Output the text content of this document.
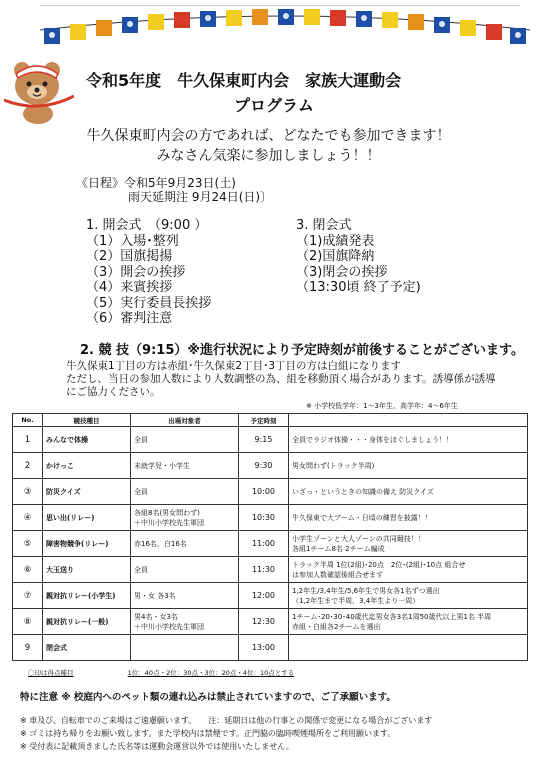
令和5年度　牛久保東町内会　家族大運動会
プログラム
牛久保東町内会の方であれば、どなたでも参加できます！
みなさん気楽に参加しましょう！！
《日程》令和5年9月23日(土)
雨天延期注 9月24日(日)〕
1. 開会式　（9:00 ）
（1）入場･整列
（2）国旗掲揚
（3）開会の挨拶
（4）来賓挨拶
（5）実行委員長挨拶
（6）審判注意
3. 閉会式
（1)成績発表
（2)国旗降納
（3)閉会の挨拶
（13:30頃 終了予定)
2. 競 技（9:15）※進行状況により予定時刻が前後することがございます。
牛久保東1丁目の方は赤組･牛久保東2丁目･3丁目の方は白組になります
ただし、当日の参加人数により人数調整の為、組を移動頂く場合があります。誘導係が誘導
にご協力ください。
※ 小学校低学年：1～3年生、高学年：4～6年生
No.	競技種目	出場対象者	予定時刻	
1	みんなで体操	全員	9:15	全員でラジオ体操・・・身体をほぐしましょう！！
2	かけっこ	未就学児・小学生	9:30	男女問わず(トラック半周)
③	防災クイズ	全員	10:00	いざっ・というときの知識の備え 防災クイズ
④	思い出(リレー)	各組8名(男女問わず)
＋中川小学校先生軍団	10:30	牛久保東で大ブーム・日頃の練習を披露！！
⑤	障害物競争(リレー)	赤16名、白16名	11:00	小学生ゾーンと大人ゾーンの共同競技！！
各組1チーム8名 2チーム編成
⑥	大玉送り	全員	11:30	トラック半周 1位(2組)･20点　2位･(2組)･10点 組合せ
は参加人数確認後組合せます
⑦	親対抗リレー(小学生)	男・女 各3名	12:00	1,2年生/3,4年生/5,6年生で男女各1名ずつ選出
（1,2年生まで半周、3,4年生より一周）
⑧	親対抗リレー(一般)	男4名・女3名
＋中川小学校先生軍団	12:30	1チーム･20･30･40歳代迄男女各3名1周50歳代以上男1名 半周
赤組・白組各2チームを選出
9	閉会式		13:00	
〇印は得点種目	1位：40点・2位：30点・3位：20点・4位：10点とする
特に注意 ※ 校庭内へのペット類の連れ込みは禁止されていますので、ご了承願います。
※ 車及び、自転車でのご来場はご遠慮願います。　　注：延期日は他の行事との関係で変更になる場合がございます
※ ゴミは持ち帰りをお願い致します。また学校内は禁煙です。正門脇の臨時喫煙場所をご利用願います。
※ 受付表に記載頂きました氏名等は運動会運営以外では使用いたしません。
